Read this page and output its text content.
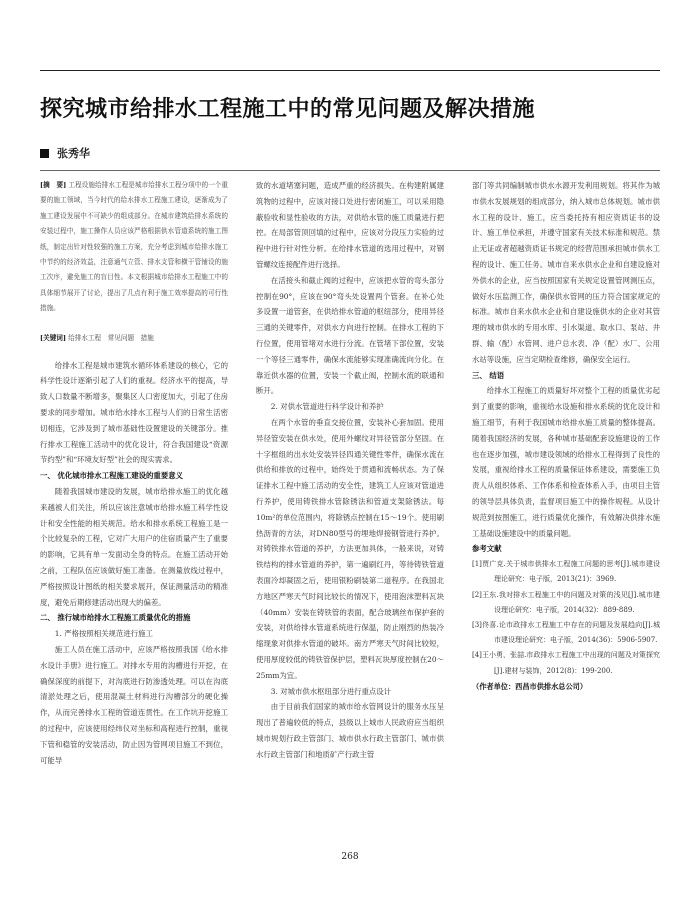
探究城市给排水工程施工中的常见问题及解决措施
张秀华

[摘　要] 工程设施给排水工程是城市给排水工程分项中的一个重要的施工领域，当今时代的给水排水工程施工建设，逐渐成为了施工建设发展中不可缺少的组成部分。在城市建筑给排水系统的安装过程中，施工操作人员应该严格根据供水管道系统的施工图纸，制定出针对性较强的施工方案，充分考虑到城市给排水施工中节约的经济效益，注意通气立管、排水支管和横干管铺设的施工次序，避免施工的盲目性。本文根据城市给排水工程施工中的具体细节展开了讨论，提出了几点有利于施工效率提高的可行性措施。

[关键词] 给排水工程　常见问题　措施

给排水工程是城市建筑水循环体系建设的核心，它的科学性设计逐渐引起了人们的重视。经济水平的提高，导致人口数量不断增多，聚集区人口密度加大，引起了住房要求的同步增加。城市给水排水工程与人们的日常生活密切相连，它涉及到了城市基础性设置建设的关键部分。推行排水工程施工活动中的优化设计，符合我国建设“资源节约型”和“环境友好型”社会的现实需求。

一、 优化城市排水工程施工建设的重要意义

随着我国城市建设的发展，城市给排水施工的优化越来越被人们关注，所以应该注意城市给排水施工科学性设计和安全性能的相关规范。给水和排水系统工程施工是一个比较复杂的工程，它对广大用户的住宿质量产生了重要的影响，它具有单一发面动全身的特点。在施工活动开始之前，工程队伍应该做好施工准备。在测量放线过程中，严格按照设计图纸的相关要求展开，保证测量活动的精准度，避免后期修建活动出现大的偏差。

二、 推行城市给排水工程施工质量优化的措施

1. 严格按照相关规范进行施工

施工人员在施工活动中，应该严格按照我国《给水排水设计手册》进行施工。对排水专用的沟槽进行开挖，在确保深度的前提下，对沟底进行防渗透处理。可以在沟底清淤处理之后，使用混凝土材料进行沟槽部分的硬化操作，从而完善排水工程的管道连贯性。在工作坑开挖施工的过程中，应该使用经纬仪对坐标和高程进行控制，重视下管和稳管的安装活动，防止因为管网项目施工不到位，可能导

致的水道堵塞问题，造成严重的经济损失。在构建附属建筑物的过程中，应该对接口处进行密闭施工，可以采用隐蔽验收和显性验收的方法，对供给水管的施工质量进行把控。在局部管顶回填的过程中，应该对分段压力实验的过程中进行针对性分析。在给排水管道的选用过程中，对钢管螺纹连接配件进行选择。

在活接头和截止阀的过程中，应该把水管的弯头部分控制在90°，应该在90°弯头处设置两个管套。在补心处多设置一道管套，在供给排水管道的枢纽部分，使用异径三通的关键零件，对供水方向进行控制。在排水工程的下行位置，使用管堵对水进行分流。在管堵下部位置，安装一个等径三通零件，确保水流能够实现准确流向分化。在靠近供水器的位置，安装一个截止阀，控制水流的联通和断开。

2. 对供水管道进行科学设计和养护

在两个水管的垂直交接位置，安装补心套加固。使用异径管安装在供水处，使用外螺纹对异径管部分坚固。在十字框组的出水处安装异径四通关键性零件，确保水流在供给和排放的过程中，始终处于贯通和流畅状态。为了保证排水工程中施工活动的安全性，建筑工人应该对管道进行养护，使用铸铁排水管除锈法和管道支架除锈法。每10m²的单位范围内，将除锈点控制在15～19个。使用刷热沥青的方法，对DN80型号的埋地焊接钢管进行养护。对铸铁排水管道的养护，方法更加具体，一般来说，对铸铁结构的排水管道的养护，第一遍刷红丹，等待铸铁管道表面冷却凝固之后，使用银粉刷装第二道程序。在我国北方地区严寒天气时间比较长的情况下，使用泡沫塑料瓦块（40mm）安装在铸铁管的表面，配合玻璃丝布保护套的安装，对供给排水管道系统进行保温，防止刚烈的热装冷缩现象对供排水管道的破坏。南方严寒天气时间比较短，使用厚度较低的铸铁管保护层，塑料瓦块厚度控制在20～25mm为宜。

3. 对城市供水枢纽部分进行重点设计

由于目前我们国家的城市给水管网设计的服务水压呈现出了普遍较低的特点，县级以上城市人民政府应当组织城市规划行政主管部门、城市供水行政主管部门、城市供水行政主管部门和地质矿产行政主管

部门等共同编制城市供水水源开发利用规划。将其作为城市供水发展规划的组成部分，纳入城市总体规划。城市供水工程的设计、施工，应当委托持有相应资质证书的设计、施工单位承担，并遵守国家有关技术标准和规范。禁止无证或者超越资质证书规定的经营范围承担城市供水工程的设计、施工任务。城市自来水供水企业和自建设施对外供水的企业，应当按照国家有关规定设置管网测压点，做好水压监测工作，确保供水管网的压力符合国家规定的标准。城市自来水供水企业和自建设施供水的企业对其管理的城市供水的专用水库、引水渠道、取水口、泵站、井群、输（配）水管网、进户总水表、净（配）水厂、公用水站等设施，应当定期检查维修，确保安全运行。

三、 结语

给排水工程施工的质量好坏对整个工程的质量优劣起到了重要的影响，重视给水设施和排水系统的优化设计和施工细节，有利于我国城市给排水施工质量的整体提高。随着我国经济的发展，各种城市基础配套设施建设的工作也在逐步加强，城市建设领域的给排水工程得到了良性的发展，重视给排水工程的质量保证体系建设，需要施工负责人从组织体系、工作体系和检查体系入手，由项目主管的领导层具体负责，监督项目施工中的操作规程。从设计规范到按图施工，进行质量优化操作，有效解决供排水施工基础设施建设中的质量问题。

参考文献

[1]贾广克.关于城市供排水工程施工问题的思考[J].城市建设理论研究：电子版，2013(21)：3969.

[2]王东.我对排水工程施工中的问题及对策的浅见[J].城市建设理论研究：电子版，2014(32)：889-889.

[3]佟喜.论市政排水工程施工中存在的问题及发展趋向[J].城市建设理论研究：电子版，2014(36)：5906-5907.

[4]王小勇，张喆.市政排水工程施工中出现的问题及对策探究[J].建材与装饰，2012(8)：199-200.

（作者单位：西昌市供排水总公司）

268
